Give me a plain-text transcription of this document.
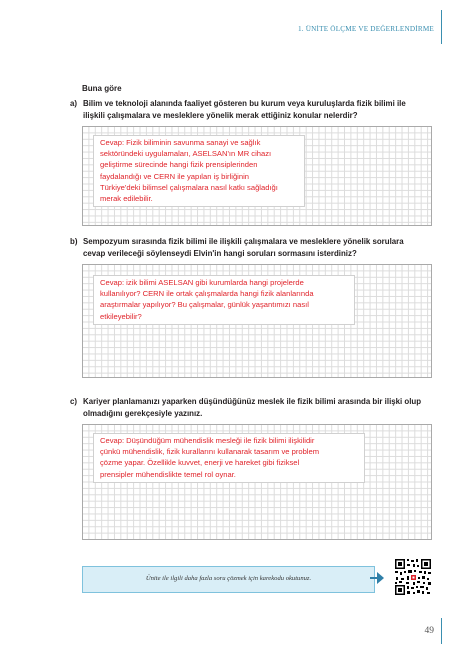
1. ÜNİTE ÖLÇME VE DEĞERLENDİRME
Buna göre
a) Bilim ve teknoloji alanında faaliyet gösteren bu kurum veya kuruluşlarda fizik bilimi ile
ilişkili çalışmalara ve mesleklere yönelik merak ettiğiniz konular nelerdir?
Cevap: Fizik biliminin savunma sanayi ve sağlık
sektöründeki uygulamaları, ASELSAN'ın MR cihazı
geliştirme sürecinde hangi fizik prensiplerinden
faydalandığı ve CERN ile yapılan iş birliğinin
Türkiye'deki bilimsel çalışmalara nasıl katkı sağladığı
merak edilebilir.
b) Sempozyum sırasında fizik bilimi ile ilişkili çalışmalara ve mesleklere yönelik sorulara
cevap verileceği söylenseydi Elvin'in hangi soruları sormasını isterdiniz?
Cevap: izik bilimi ASELSAN gibi kurumlarda hangi projelerde
kullanılıyor? CERN ile ortak çalışmalarda hangi fizik alanlarında
araştırmalar yapılıyor? Bu çalışmalar, günlük yaşantımızı nasıl
etkileyebilir?
c) Kariyer planlamanızı yaparken düşündüğünüz meslek ile fizik bilimi arasında bir ilişki olup
olmadığını gerekçesiyle yazınız.
Cevap: Düşündüğüm mühendislik mesleği ile fizik bilimi ilişkilidir
çünkü mühendislik, fizik kurallarını kullanarak tasarım ve problem
çözme yapar. Özellikle kuvvet, enerji ve hareket gibi fiziksel
prensipler mühendislikte temel rol oynar.
Ünite ile ilgili daha fazla soru çözmek için karekodu okutunuz.
49
